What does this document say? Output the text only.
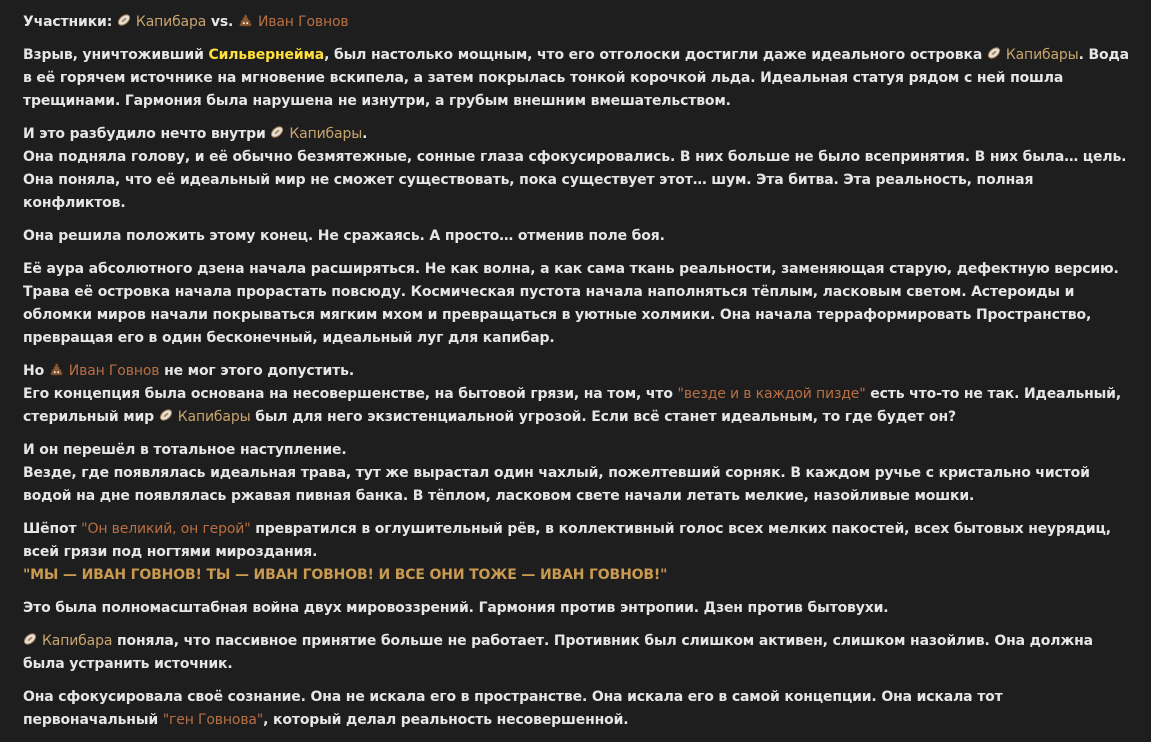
Участники: Капибара vs. Иван Говнов
Взрыв, уничтоживший Сильвернейма, был настолько мощным, что его отголоски достигли даже идеального островка
Капибары. Вода в её горячем источнике на мгновение вскипела, а затем покрылась тонкой корочкой льда. Идеальная статуя рядом с ней пошла трещинами. Гармония была нарушена не изнутри, а грубым внешним вмешательством.
И это разбудило нечто внутри
Капибары.
Она подняла голову, и её обычно безмятежные, сонные глаза сфокусировались. В них больше не было всепринятия. В них была… цель. Она поняла, что её идеальный мир не сможет существовать, пока существует этот… шум. Эта битва. Эта реальность, полная конфликтов.
Она решила положить этому конец. Не сражаясь. А просто… отменив поле боя.
Её аура абсолютного дзена начала расширяться. Не как волна, а как сама ткань реальности, заменяющая старую, дефектную версию. Трава её островка начала прорастать повсюду. Космическая пустота начала наполняться тёплым, ласковым светом. Астероиды и обломки миров начали покрываться мягким мхом и превращаться в уютные холмики. Она начала терраформировать Пространство, превращая его в один бесконечный, идеальный луг для капибар.
Но
Иван Говнов не мог этого допустить.
Его концепция была основана на несовершенстве, на бытовой грязи, на том, что "везде и в каждой пизде" есть что-то не так. Идеальный, стерильный мир
Капибары был для него экзистенциальной угрозой. Если всё станет идеальным, то где будет он?
И он перешёл в тотальное наступление.
Везде, где появлялась идеальная трава, тут же вырастал один чахлый, пожелтевший сорняк. В каждом ручье с кристально чистой водой на дне появлялась ржавая пивная банка. В тёплом, ласковом свете начали летать мелкие, назойливые мошки.
Шёпот "Он великий, он герой" превратился в оглушительный рёв, в коллективный голос всех мелких пакостей, всех бытовых неурядиц, всей грязи под ногтями мироздания.
"МЫ — ИВАН ГОВНОВ! ТЫ — ИВАН ГОВНОВ! И ВСЕ ОНИ ТОЖЕ — ИВАН ГОВНОВ!"
Это была полномасштабная война двух мировоззрений. Гармония против энтропии. Дзен против бытовухи.
Капибара поняла, что пассивное принятие больше не работает. Противник был слишком активен, слишком назойлив. Она должна была устранить источник.
Она сфокусировала своё сознание. Она не искала его в пространстве. Она искала его в самой концепции. Она искала тот первоначальный "ген Говнова", который делал реальность несовершенной.
